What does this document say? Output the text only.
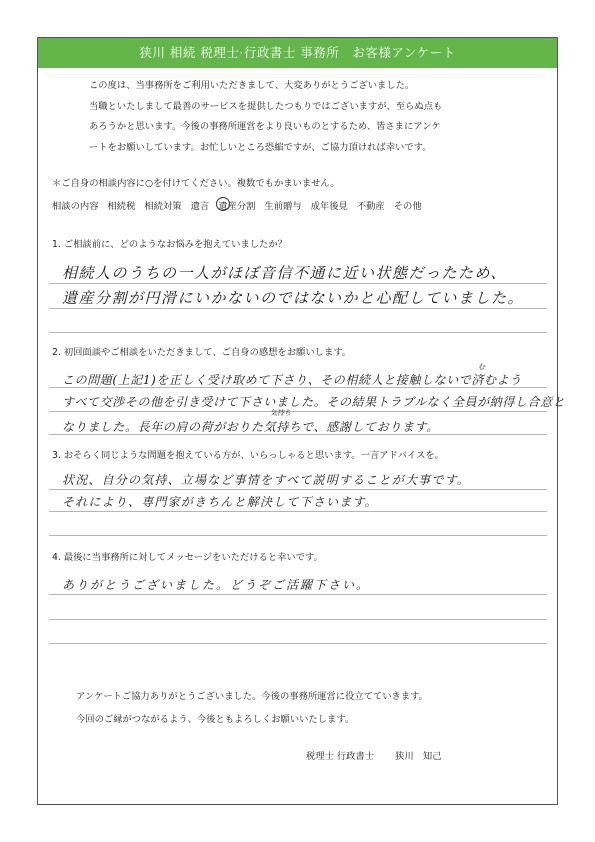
狭川 相続 税理士·行政書士 事務所　お客様アンケート
この度は、当事務所をご利用いただきまして、大変ありがとうございました。
当職といたしまして最善のサービスを提供したつもりではございますが、至らぬ点も
あろうかと思います。今後の事務所運営をより良いものとするため、皆さまにアンケ
ートをお願いしています。お忙しいところ恐縮ですが、ご協力頂ければ幸いです。
＊ご自身の相談内容に○を付けてください。複数でもかまいません。
相談の内容 相続税 相続対策 遺言 遺産分割 生前贈与 成年後見 不動産 その他
1. ご相談前に、どのようなお悩みを抱えていましたか？
相続人のうちの一人がほぼ音信不通に近い状態だったため、
遺産分割が円滑にいかないのではないかと心配していました。
2. 初回面談やご相談をいただきまして、ご自身の感想をお願いします。
む
この問題(上記1)を正しく受け取めて下さり、その相続人と接触しないで済むよう
すべて交渉その他を引き受けて下さいました。その結果トラブルなく全員が納得し合意と
気持ち
なりました。長年の肩の荷がおりた気持ちで、感謝しております。
3. おそらく同じような問題を抱えている方が、いらっしゃると思います。一言アドバイスを。
状況、自分の気持、立場など事情をすべて説明することが大事です。
それにより、専門家がきちんと解決して下さいます。
4. 最後に当事務所に対してメッセージをいただけると幸いです。
ありがとうございました。どうぞご活躍下さい。
アンケートご協力ありがとうございました。今後の事務所運営に役立てていきます。
今回のご縁がつながるよう、今後ともよろしくお願いいたします。
税理士 行政書士 狭川　知己
